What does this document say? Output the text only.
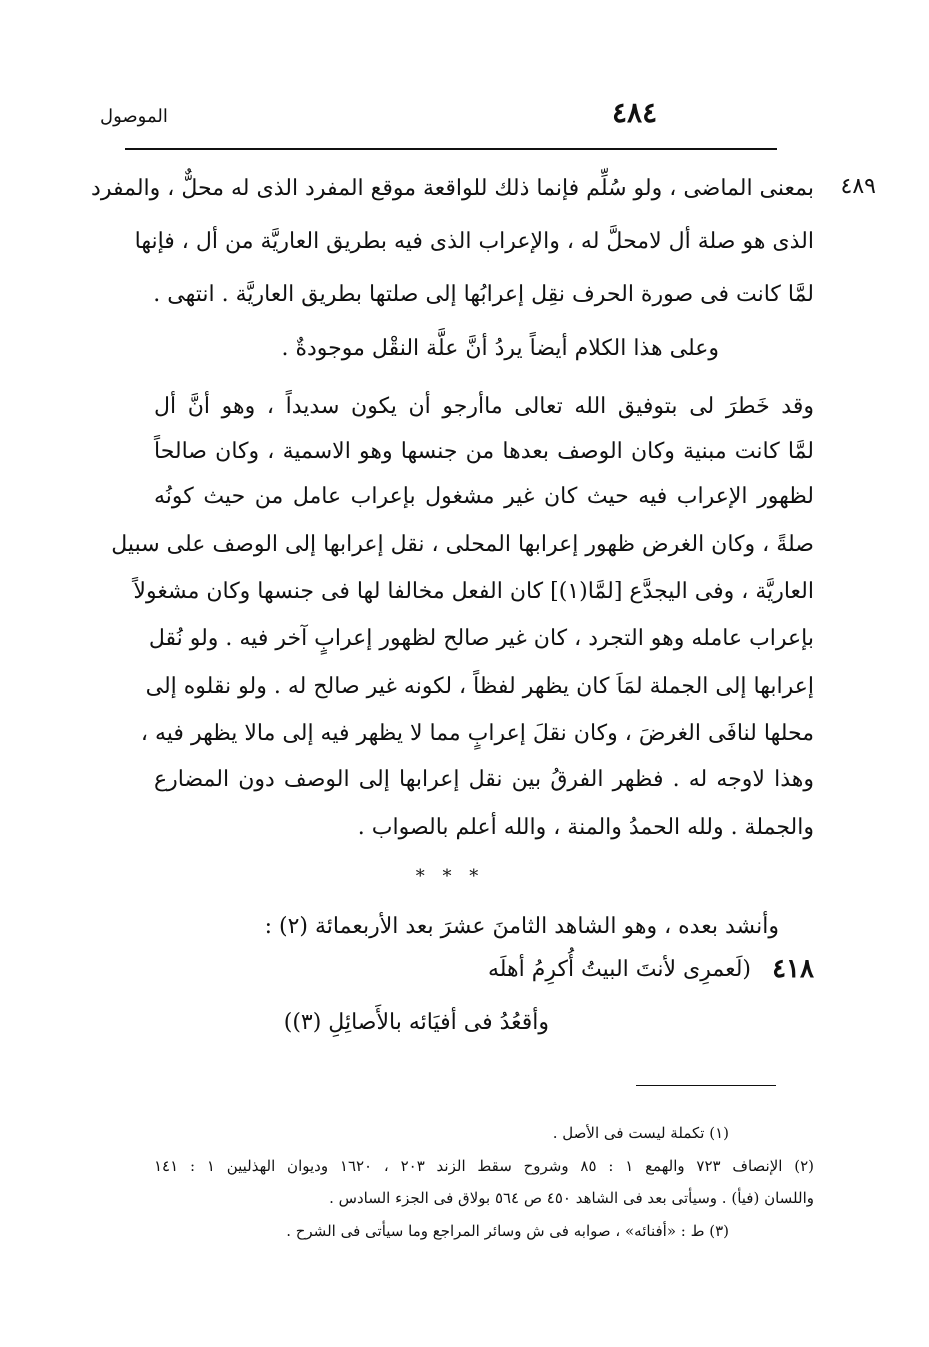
٤٨٤
الموصول
٤٨٩
بمعنى الماضى ، ولو سُلِّم فإنما ذلك للواقعة موقع المفرد الذى له محلٌّ ، والمفرد
الذى هو صلة أل لامحلَّ له ، والإعراب الذى فيه بطريق العاريَّة من أل ، فإنها
لمَّا كانت فى صورة الحرف نقِل إعرابُها إلى صلتها بطريق العاريَّة . انتهى .
وعلى هذا الكلام أيضاً يردُ أنَّ علَّة النقْل موجودةٌ .
وقد خَطرَ لى بتوفيق الله تعالى ماأرجو أن يكون سديداً ، وهو أنَّ أل
لمَّا كانت مبنية وكان الوصف بعدها من جنسها وهو الاسمية ، وكان صالحاً
لظهور الإعراب فيه حيث كان غير مشغول بإعراب عامل من حيث كونُه
صلةً ، وكان الغرض ظهور إعرابها المحلى ، نقل إعرابها إلى الوصف على سبيل
العاريَّة ، وفى اليجدَّع [لمَّا(١)] كان الفعل مخالفا لها فى جنسها وكان مشغولاً
بإعراب عامله وهو التجرد ، كان غير صالح لظهور إعرابٍ آخر فيه . ولو نُقل
إعرابها إلى الجملة لمَاَ كان يظهر لفظاً ، لكونه غير صالح له . ولو نقلوه إلى
محلها لنافَى الغرضَ ، وكان نقلَ إعرابٍ مما لا يظهر فيه إلى مالا يظهر فيه ،
وهذا لاوجه له . فظهر الفرقُ بين نقل إعرابها إلى الوصف دون المضارع
والجملة . ولله الحمدُ والمنة ، والله أعلم بالصواب .
* * *
وأنشد بعده ، وهو الشاهد الثامنَ عشرَ بعد الأربعمائة (٢) :
٤١٨
(لَعمرِى لأنتَ البيتُ أُكرِمُ أهلَه
وأقعُدُ فى أفيَائه بالأَصائِلِ (٣))
(١) تكملة ليست فى الأصل .
(٢) الإنصاف ٧٢٣ والهمع ١ : ٨٥ وشروح سقط الزند ٢٠٣ ، ١٦٢٠ وديوان الهذليين ١ : ١٤١
واللسان (فيأ) . وسيأتى بعد فى الشاهد ٤٥٠ ص ٥٦٤ بولاق فى الجزء السادس .
(٣) ط : «أفنائه» ، صوابه فى ش وسائر المراجع وما سيأتى فى الشرح .
